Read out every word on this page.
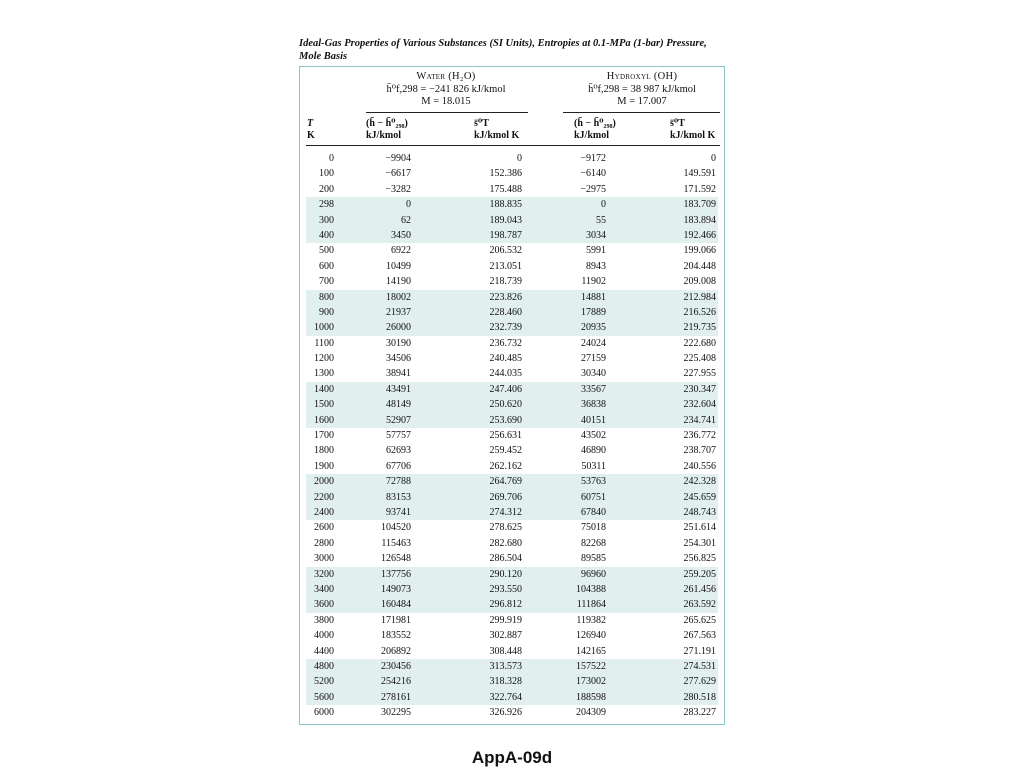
Ideal-Gas Properties of Various Substances (SI Units), Entropies at 0.1-MPa (1-bar) Pressure, Mole Basis
Water (H₂O)
h̄⁰f,298 = −241 826 kJ/kmol
M = 18.015
Hydroxyl (OH)
h̄⁰f,298 = 38 987 kJ/kmol
M = 17.007
T
K
(h̄ − h̄⁰₂₉₈)
kJ/kmol
s̄⁰T
kJ/kmol K
(h̄ − h̄⁰₂₉₈)
kJ/kmol
s̄⁰T
kJ/kmol K
0	−9904	0	−9172	0
100	−6617	152.386	−6140	149.591
200	−3282	175.488	−2975	171.592
298	0	188.835	0	183.709
300	62	189.043	55	183.894
400	3450	198.787	3034	192.466
500	6922	206.532	5991	199.066
600	10499	213.051	8943	204.448
700	14190	218.739	11902	209.008
800	18002	223.826	14881	212.984
900	21937	228.460	17889	216.526
1000	26000	232.739	20935	219.735
1100	30190	236.732	24024	222.680
1200	34506	240.485	27159	225.408
1300	38941	244.035	30340	227.955
1400	43491	247.406	33567	230.347
1500	48149	250.620	36838	232.604
1600	52907	253.690	40151	234.741
1700	57757	256.631	43502	236.772
1800	62693	259.452	46890	238.707
1900	67706	262.162	50311	240.556
2000	72788	264.769	53763	242.328
2200	83153	269.706	60751	245.659
2400	93741	274.312	67840	248.743
2600	104520	278.625	75018	251.614
2800	115463	282.680	82268	254.301
3000	126548	286.504	89585	256.825
3200	137756	290.120	96960	259.205
3400	149073	293.550	104388	261.456
3600	160484	296.812	111864	263.592
3800	171981	299.919	119382	265.625
4000	183552	302.887	126940	267.563
4400	206892	308.448	142165	271.191
4800	230456	313.573	157522	274.531
5200	254216	318.328	173002	277.629
5600	278161	322.764	188598	280.518
6000	302295	326.926	204309	283.227
AppA-09d
